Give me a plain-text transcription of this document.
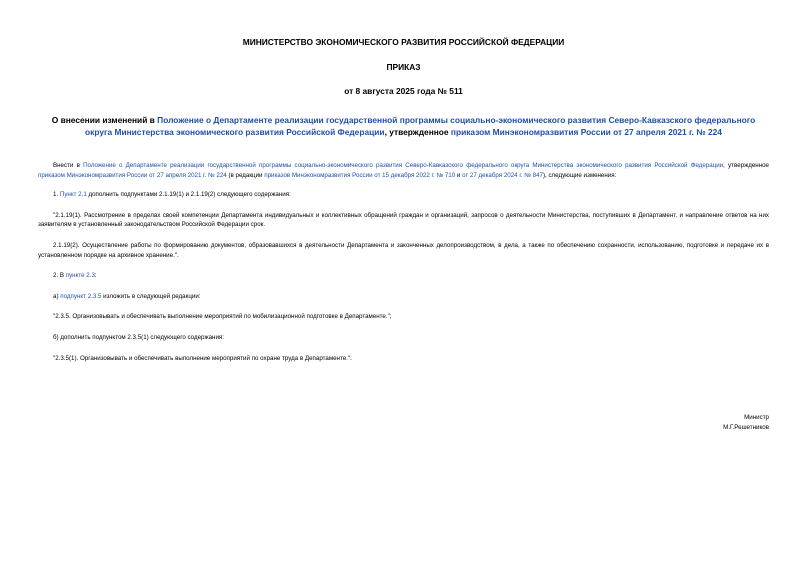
МИНИСТЕРСТВО ЭКОНОМИЧЕСКОГО РАЗВИТИЯ РОССИЙСКОЙ ФЕДЕРАЦИИ

ПРИКАЗ

от 8 августа 2025 года № 511

О внесении изменений в Положение о Департаменте реализации государственной программы социально-экономического развития Северо-Кавказского федерального округа Министерства экономического развития Российской Федерации, утвержденное приказом Минэкономразвития России от 27 апреля 2021 г. № 224

Внести в Положение о Департаменте реализации государственной программы социально-экономического развития Северо-Кавказского федерального округа Министерства экономического развития Российской Федерации, утвержденное приказом Минэкономразвития России от 27 апреля 2021 г. № 224 (в редакции приказов Минэкономразвития России от 15 декабря 2022 г. № 710 и от 27 декабря 2024 г. № 847), следующие изменения:

1. Пункт 2.1 дополнить подпунктами 2.1.19(1) и 2.1.19(2) следующего содержания:

"2.1.19(1). Рассмотрение в пределах своей компетенции Департамента индивидуальных и коллективных обращений граждан и организаций, запросов о деятельности Министерства, поступивших в Департамент, и направление ответов на них заявителям в установленный законодательством Российской Федерации срок.

2.1.19(2). Осуществление работы по формированию документов, образовавшихся в деятельности Департамента и законченных делопроизводством, в дела, а также по обеспечению сохранности, использованию, подготовке и передаче их в установленном порядке на архивное хранение.".

2. В пункте 2.3:

а) подпункт 2.3.5 изложить в следующей редакции:

"2.3.5. Организовывать и обеспечивать выполнение мероприятий по мобилизационной подготовке в Департаменте.";

б) дополнить подпунктом 2.3.5(1) следующего содержания:

"2.3.5(1). Организовывать и обеспечивать выполнение мероприятий по охране труда в Департаменте.".

Министр
М.Г.Решетников
